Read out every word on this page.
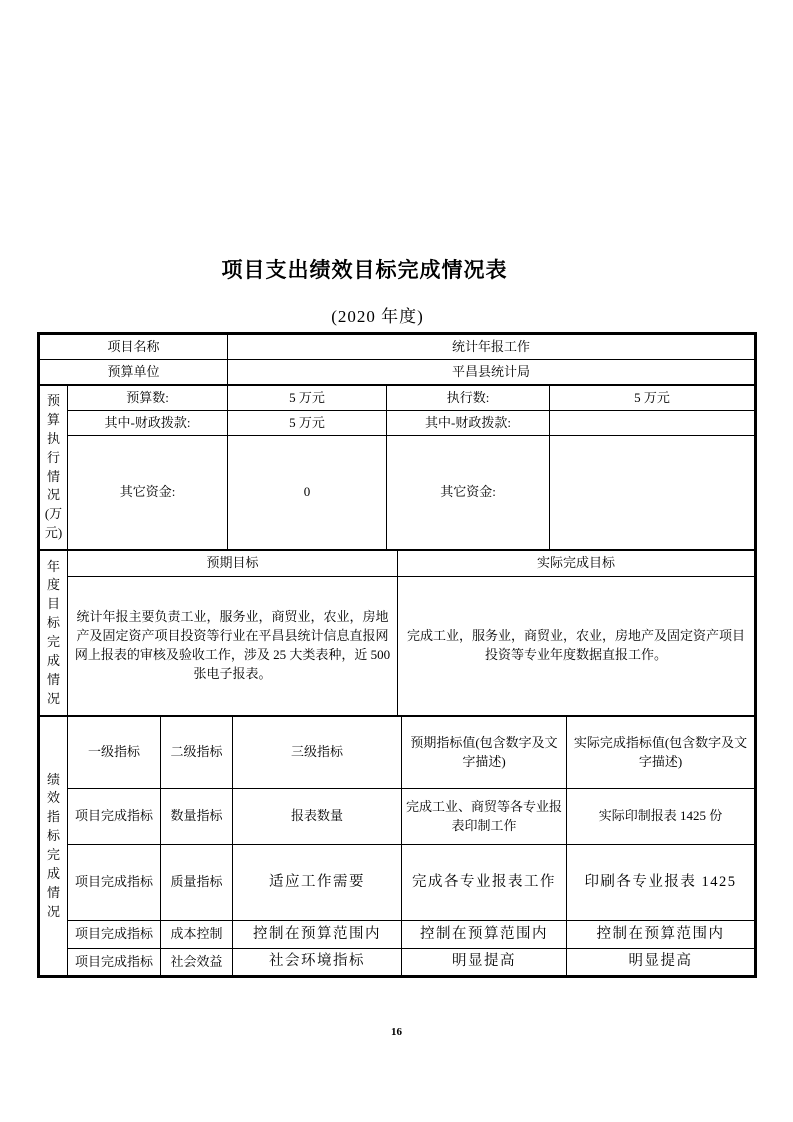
项目支出绩效目标完成情况表
(2020 年度)
项目名称	统计年报工作
预算单位	平昌县统计局
预算执行情况(万元)	预算数:	5 万元	执行数:	5 万元
	其中-财政拨款:	5 万元	其中-财政拨款:	
	其它资金:	0	其它资金:	
年度目标完成情况	预期目标	实际完成目标
	统计年报主要负责工业，服务业，商贸业，农业，房地产及固定资产项目投资等行业在平昌县统计信息直报网网上报表的审核及验收工作，涉及 25 大类表种，近 500 张电子报表。	完成工业，服务业，商贸业，农业，房地产及固定资产项目投资等专业年度数据直报工作。
绩效指标完成情况	一级指标	二级指标	三级指标	预期指标值(包含数字及文字描述)	实际完成指标值(包含数字及文字描述)
	项目完成指标	数量指标	报表数量	完成工业、商贸等各专业报表印制工作	实际印制报表 1425 份
	项目完成指标	质量指标	适应工作需要	完成各专业报表工作	印刷各专业报表 1425
	项目完成指标	成本控制	控制在预算范围内	控制在预算范围内	控制在预算范围内
	项目完成指标	社会效益	社会环境指标	明显提高	明显提高
16
